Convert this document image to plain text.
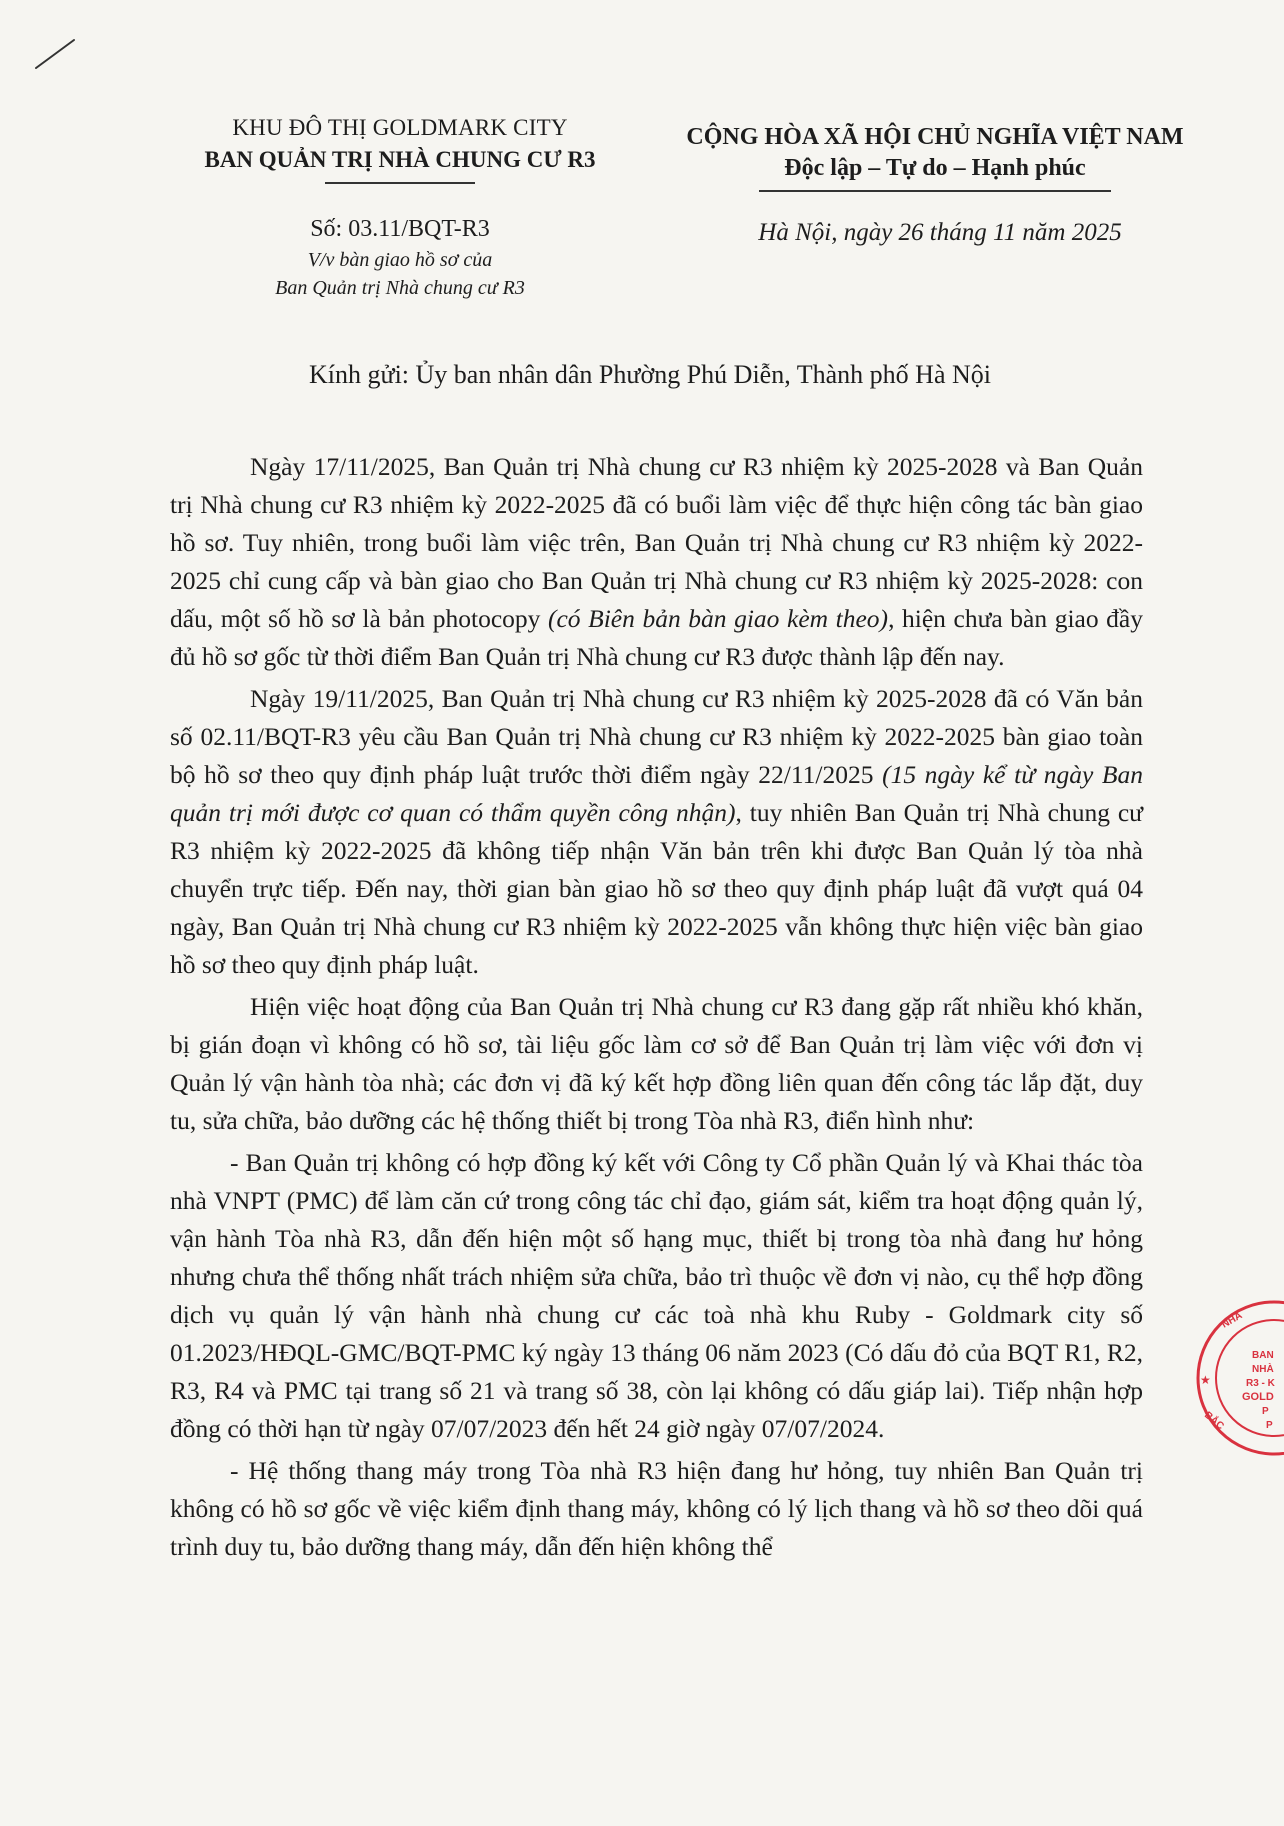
KHU ĐÔ THỊ GOLDMARK CITY
BAN QUẢN TRỊ NHÀ CHUNG CƯ R3
CỘNG HÒA XÃ HỘI CHỦ NGHĨA VIỆT NAM
Độc lập – Tự do – Hạnh phúc
Số: 03.11/BQT-R3
V/v bàn giao hồ sơ của
Ban Quản trị Nhà chung cư R3
Hà Nội, ngày 26 tháng 11 năm 2025
Kính gửi: Ủy ban nhân dân Phường Phú Diễn, Thành phố Hà Nội

Ngày 17/11/2025, Ban Quản trị Nhà chung cư R3 nhiệm kỳ 2025-2028 và Ban Quản trị Nhà chung cư R3 nhiệm kỳ 2022-2025 đã có buổi làm việc để thực hiện công tác bàn giao hồ sơ. Tuy nhiên, trong buổi làm việc trên, Ban Quản trị Nhà chung cư R3 nhiệm kỳ 2022-2025 chỉ cung cấp và bàn giao cho Ban Quản trị Nhà chung cư R3 nhiệm kỳ 2025-2028: con dấu, một số hồ sơ là bản photocopy (có Biên bản bàn giao kèm theo), hiện chưa bàn giao đầy đủ hồ sơ gốc từ thời điểm Ban Quản trị Nhà chung cư R3 được thành lập đến nay.

Ngày 19/11/2025, Ban Quản trị Nhà chung cư R3 nhiệm kỳ 2025-2028 đã có Văn bản số 02.11/BQT-R3 yêu cầu Ban Quản trị Nhà chung cư R3 nhiệm kỳ 2022-2025 bàn giao toàn bộ hồ sơ theo quy định pháp luật trước thời điểm ngày 22/11/2025 (15 ngày kể từ ngày Ban quản trị mới được cơ quan có thẩm quyền công nhận), tuy nhiên Ban Quản trị Nhà chung cư R3 nhiệm kỳ 2022-2025 đã không tiếp nhận Văn bản trên khi được Ban Quản lý tòa nhà chuyển trực tiếp. Đến nay, thời gian bàn giao hồ sơ theo quy định pháp luật đã vượt quá 04 ngày, Ban Quản trị Nhà chung cư R3 nhiệm kỳ 2022-2025 vẫn không thực hiện việc bàn giao hồ sơ theo quy định pháp luật.

Hiện việc hoạt động của Ban Quản trị Nhà chung cư R3 đang gặp rất nhiều khó khăn, bị gián đoạn vì không có hồ sơ, tài liệu gốc làm cơ sở để Ban Quản trị làm việc với đơn vị Quản lý vận hành tòa nhà; các đơn vị đã ký kết hợp đồng liên quan đến công tác lắp đặt, duy tu, sửa chữa, bảo dưỡng các hệ thống thiết bị trong Tòa nhà R3, điển hình như:

- Ban Quản trị không có hợp đồng ký kết với Công ty Cổ phần Quản lý và Khai thác tòa nhà VNPT (PMC) để làm căn cứ trong công tác chỉ đạo, giám sát, kiểm tra hoạt động quản lý, vận hành Tòa nhà R3, dẫn đến hiện một số hạng mục, thiết bị trong tòa nhà đang hư hỏng nhưng chưa thể thống nhất trách nhiệm sửa chữa, bảo trì thuộc về đơn vị nào, cụ thể hợp đồng dịch vụ quản lý vận hành nhà chung cư các toà nhà khu Ruby - Goldmark city số 01.2023/HĐQL-GMC/BQT-PMC ký ngày 13 tháng 06 năm 2023 (Có dấu đỏ của BQT R1, R2, R3, R4 và PMC tại trang số 21 và trang số 38, còn lại không có dấu giáp lai). Tiếp nhận hợp đồng có thời hạn từ ngày 07/07/2023 đến hết 24 giờ ngày 07/07/2024.

- Hệ thống thang máy trong Tòa nhà R3 hiện đang hư hỏng, tuy nhiên Ban Quản trị không có hồ sơ gốc về việc kiểm định thang máy, không có lý lịch thang và hồ sơ theo dõi quá trình duy tu, bảo dưỡng thang máy, dẫn đến hiện không thể

BAN
NHÀ
R3 - K
GOLD
P
P
NHÀ
BẮC
★
